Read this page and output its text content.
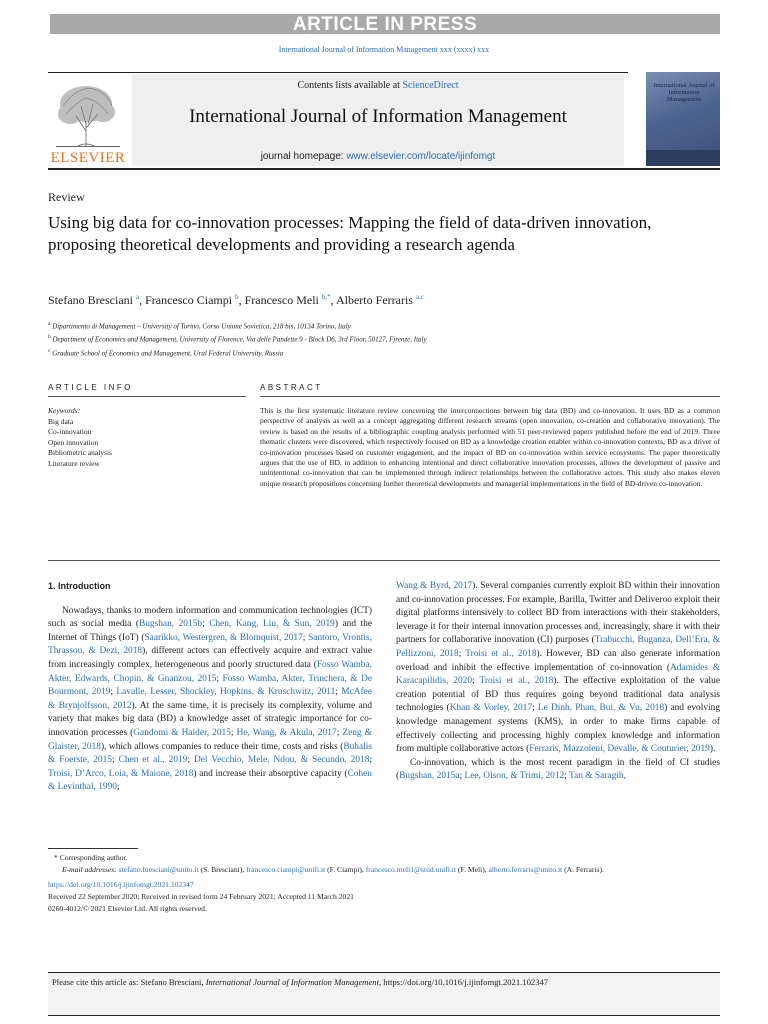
ARTICLE IN PRESS
International Journal of Information Management xxx (xxxx) xxx
ELSEVIER
Contents lists available at ScienceDirect
International Journal of Information Management
journal homepage: www.elsevier.com/locate/ijinfomgt
International Journal of Information Management
Review
Using big data for co-innovation processes: Mapping the field of data-driven innovation, proposing theoretical developments and providing a research agenda
Stefano Bresciani $^a$, Francesco Ciampi $^b$, Francesco Meli $^{b,*}$, Alberto Ferraris $^{a,c}$
$^a$ Dipartimento di Management – University of Torino, Corso Unione Sovietica, 218 bis, 10134 Torino, Italy
$^b$ Department of Economics and Management, University of Florence, Via delle Pandette 9 - Block D6, 3rd Floor, 50127, Firenze, Italy
$^c$ Graduate School of Economics and Management, Ural Federal University, Russia
ARTICLE INFO	ABSTRACT
Keywords:
Big data
Co-innovation
Open innovation
Bibliometric analysis
Literature review
This is the first systematic literature review concerning the interconnections between big data (BD) and co-innovation. It uses BD as a common perspective of analysis as well as a concept aggregating different research streams (open innovation, co-creation and collaborative innovation). The review is based on the results of a bibliographic coupling analysis performed with 51 peer-reviewed papers published before the end of 2019. Three thematic clusters were discovered, which respectively focused on BD as a knowledge creation enabler within co-innovation contexts, BD as a driver of co-innovation processes based on customer engagement, and the impact of BD on co-innovation within service ecosystems. The paper theoretically argues that the use of BD, in addition to enhancing intentional and direct collaborative innovation processes, allows the development of passive and unintentional co-innovation that can be implemented through indirect relationships between the collaborative actors. This study also makes eleven unique research propositions concerning further theoretical developments and managerial implementations in the field of BD-driven co-innovation.
1. Introduction

Nowadays, thanks to modern information and communication technologies (ICT) such as social media (Bugshan, 2015b; Chen, Kang, Liu, & Sun, 2019) and the Internet of Things (IoT) (Saarikko, Westergren, & Blomquist, 2017; Santoro, Vrontis, Thrassou, & Dezi, 2018), different actors can effectively acquire and extract value from increasingly complex, heterogeneous and poorly structured data (Fosso Wamba, Akter, Edwards, Chopin, & Gnanzou, 2015; Fosso Wamba, Akter, Trinchera, & De Bourmont, 2019; Lavalle, Lesser, Shockley, Hopkins, & Kruschwitz, 2011; McAfee & Brynjolfsson, 2012). At the same time, it is precisely its complexity, volume and variety that makes big data (BD) a knowledge asset of strategic importance for co-innovation processes (Gandomi & Haider, 2015; He, Wang, & Akula, 2017; Zeng & Glaister, 2018), which allows companies to reduce their time, costs and risks (Buhalis & Foerste, 2015; Chen et al., 2019; Del Vecchio, Mele, Ndou, & Secundo, 2018; Troisi, D’Arco, Loia, & Maione, 2018) and increase their absorptive capacity (Cohen & Levinthal, 1990;

Wang & Byrd, 2017). Several companies currently exploit BD within their innovation and co-innovation processes. For example, Barilla, Twitter and Deliveroo exploit their digital platforms intensively to collect BD from interactions with their stakeholders, leverage it for their internal innovation processes and, increasingly, share it with their partners for collaborative innovation (CI) purposes (Trabucchi, Buganza, Dell’Era, & Pellizzoni, 2018; Troisi et al., 2018). However, BD can also generate information overload and inhibit the effective implementation of co-innovation (Adamides & Karacapilidis, 2020; Troisi et al., 2018). The effective exploitation of the value creation potential of BD thus requires going beyond traditional data analysis technologies (Khan & Vorley, 2017; Le Dinh, Phan, Bui, & Vu, 2018) and evolving knowledge management systems (KMS), in order to make firms capable of effectively collecting and processing highly complex knowledge and information from multiple collaborative actors (Ferraris, Mazzoleni, Devalle, & Couturier, 2019).

Co-innovation, which is the most recent paradigm in the field of CI studies (Bugshan, 2015a; Lee, Olson, & Trimi, 2012; Tan & Saragih,

* Corresponding author.
E-mail addresses: stefano.bresciani@unito.it (S. Bresciani), francesco.ciampi@unifi.it (F. Ciampi), francesco.meli1@stud.unifi.it (F. Meli), alberto.ferraris@unito.it (A. Ferraris).
https://doi.org/10.1016/j.ijinfomgt.2021.102347
Received 22 September 2020; Received in revised form 24 February 2021; Accepted 11 March 2021
0260-4012/© 2021 Elsevier Ltd. All rights reserved.
Please cite this article as: Stefano Bresciani, International Journal of Information Management, https://doi.org/10.1016/j.ijinfomgt.2021.102347
